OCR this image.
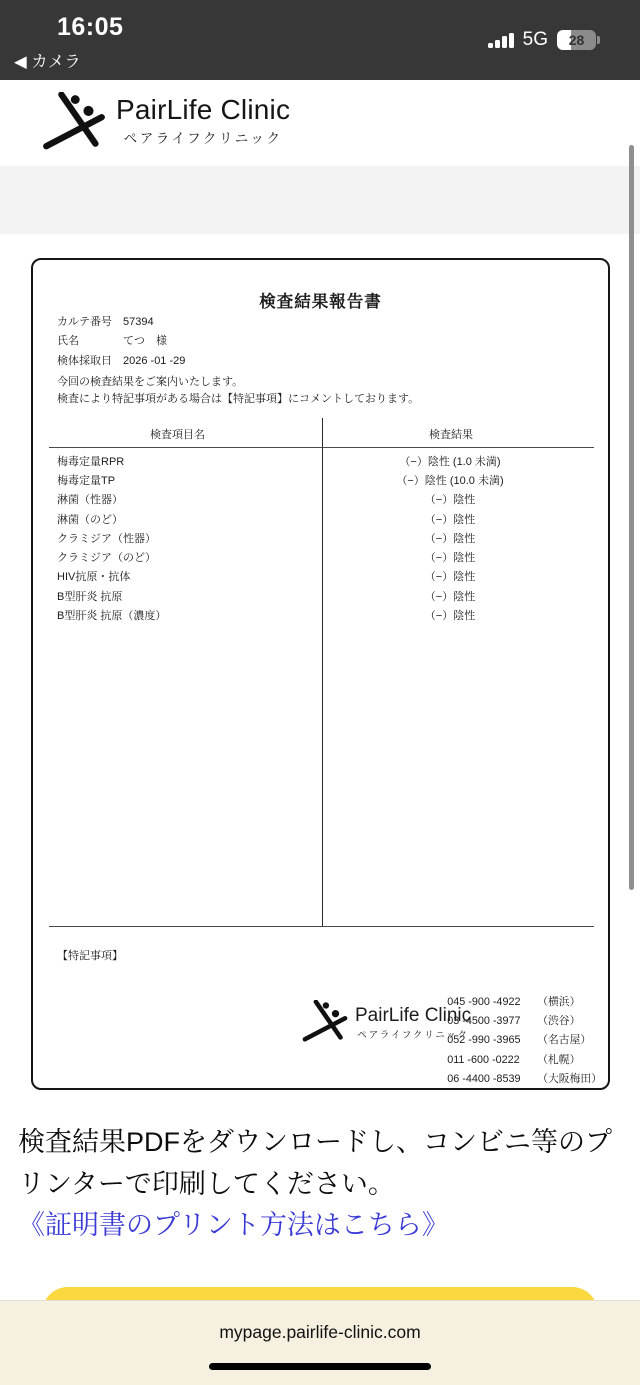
16:05
◀ カメラ
5G	28
PairLife Clinic
ペアライフクリニック
検査結果報告書
カルテ番号	57394
氏名	てつ　様
検体採取日	2026 -01 -29
今回の検査結果をご案内いたします。
検査により特記事項がある場合は【特記事項】にコメントしております。
検査項目名	検査結果
梅毒定量RPR	（−）陰性 (1.0 未満)
梅毒定量TP	（−）陰性 (10.0 未満)
淋菌（性器）	（−）陰性
淋菌（のど）	（−）陰性
クラミジア（性器）	（−）陰性
クラミジア（のど）	（−）陰性
HIV抗原・抗体	（−）陰性
B型肝炎 抗原	（−）陰性
B型肝炎 抗原（濃度）	（−）陰性
【特記事項】
PairLife Clinic
ペアライフクリニック
045 -900 -4922	（横浜）
03 -4500 -3977	（渋谷）
052 -990 -3965	（名古屋）
011 -600 -0222	（札幌）
06 -4400 -8539	（大阪梅田）
検査結果PDFをダウンロードし、コンビニ等のプリンターで印刷してください。 《証明書のプリント方法はこちら》
mypage.pairlife-clinic.com
